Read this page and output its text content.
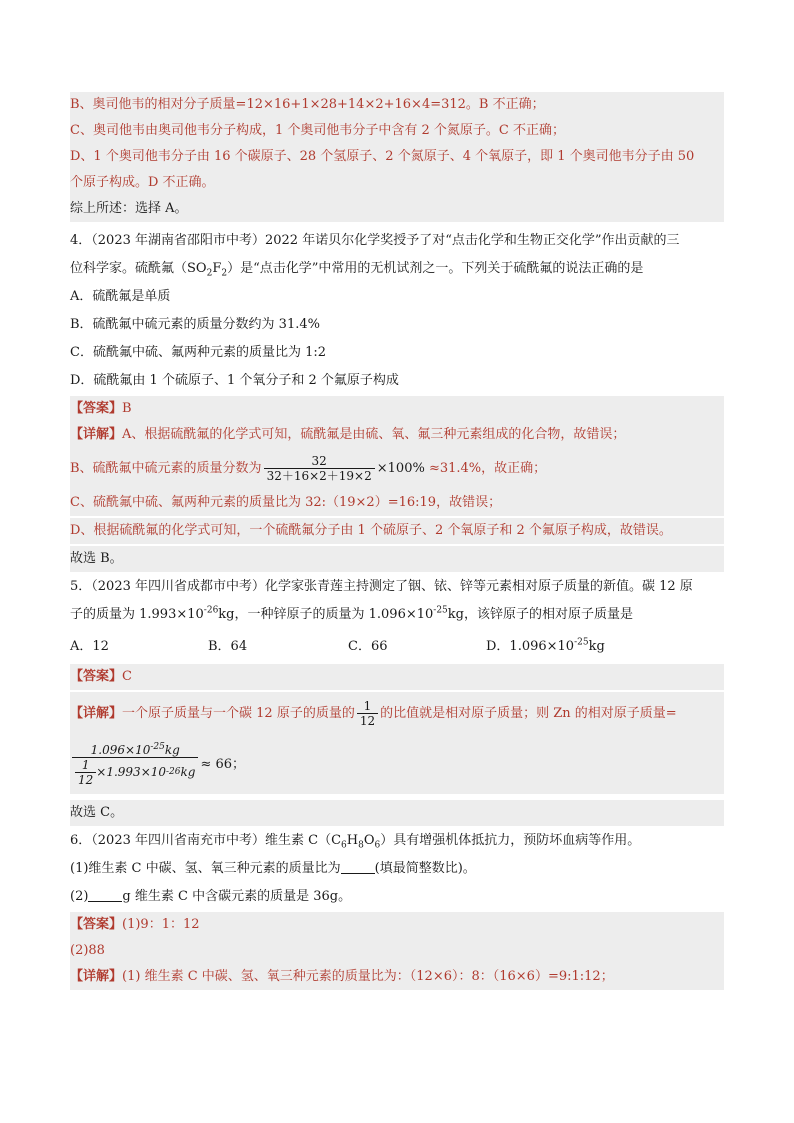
B、奥司他韦的相对分子质量=12×16+1×28+14×2+16×4=312。B 不正确；
C、奥司他韦由奥司他韦分子构成，1 个奥司他韦分子中含有 2 个氮原子。C 不正确；
D、1 个奥司他韦分子由 16 个碳原子、28 个氢原子、2 个氮原子、4 个氧原子，即 1 个奥司他韦分子由 50
个原子构成。D 不正确。
综上所述：选择 A。
4．（2023 年湖南省邵阳市中考）2022 年诺贝尔化学奖授予了对“点击化学和生物正交化学”作出贡献的三
位科学家。硫酰氟$(SO_2F_2)$是“点击化学”中常用的无机试剂之一。下列关于硫酰氟的说法正确的是
A．硫酰氟是单质
B．硫酰氟中硫元素的质量分数约为 31.4%
C．硫酰氟中硫、氟两种元素的质量比为 1:2
D．硫酰氟由 1 个硫原子、1 个氧分子和 2 个氟原子构成
【答案】B
【详解】A、根据硫酰氟的化学式可知，硫酰氟是由硫、氧、氟三种元素组成的化合物，故错误；
B、硫酰氟中硫元素的质量分数为 $\frac{32}{32+16\times 2+19\times 2} \times 100\% \approx 31.4\%$，故正确；
C、硫酰氟中硫、氟两种元素的质量比为 32:（19×2）=16:19，故错误；
D、根据硫酰氟的化学式可知，一个硫酰氟分子由 1 个硫原子、2 个氧原子和 2 个氟原子构成，故错误。
故选 B。
5．（2023 年四川省成都市中考）化学家张青莲主持测定了铟、铱、锌等元素相对原子质量的新值。碳 12 原
子的质量为 $1.993\times 10^{-26}kg$，一种锌原子的质量为 $1.096\times 10^{-25}kg$，该锌原子的相对原子质量是
A．12	B．64	C．66	D．$1.096\times 10^{-25}kg$
【答案】C
【详解】一个原子质量与一个碳 12 原子的质量的 $\frac{1}{12}$ 的比值就是相对原子质量；则 Zn 的相对原子质量=
$\frac{1.096\times 10^{-25}kg}{\frac{1}{12} \times 1.993\times 10 -26 kg} \approx 66$；
故选 C。
6．（2023 年四川省南充市中考）维生素 $C(C_6H_8O_6)$具有增强机体抵抗力，预防坏血病等作用。
(1)维生素 C 中碳、氢、氧三种元素的质量比为	(填最简整数比)。
(2)	g 维生素 C 中含碳元素的质量是 36g。
【答案】(1)9：1：12
(2)88
【详解】(1) 维生素 C 中碳、氢、氧三种元素的质量比为：（12×6）：8：（16×6）=9:1:12；
